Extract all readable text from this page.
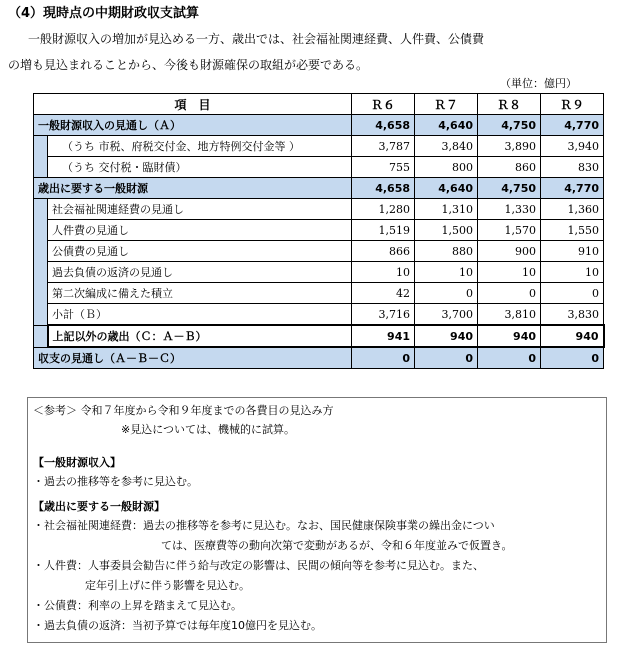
（4）現時点の中期財政収支試算
一般財源収入の増加が見込める一方、歳出では、社会福祉関連経費、人件費、公債費
の増も見込まれることから、今後も財源確保の取組が必要である。
（単位：億円）
項　目		Ｒ６	Ｒ７	Ｒ８	Ｒ９
一般財源収入の見通し（Ａ）		4,658	4,640	4,750	4,770
	（うち 市税、府税交付金、地方特例交付金等 ）	3,787	3,840	3,890	3,940
	（うち 交付税・臨財債）	755	800	860	830
歳出に要する一般財源		4,658	4,640	4,750	4,770
	社会福祉関連経費の見通し	1,280	1,310	1,330	1,360
	人件費の見通し	1,519	1,500	1,570	1,550
	公債費の見通し	866	880	900	910
	過去負債の返済の見通し	10	10	10	10
	第二次編成に備えた積立	42	0	0	0
	小計（Ｂ）	3,716	3,700	3,810	3,830
	上記以外の歳出（Ｃ：Ａ－Ｂ）	941	940	940	940
収支の見通し（Ａ－Ｂ－Ｃ）		0	0	0	0
＜参考＞ 令和７年度から令和９年度までの各費目の見込み方
※見込については、機械的に試算。
【一般財源収入】
・過去の推移等を参考に見込む。
【歳出に要する一般財源】
・社会福祉関連経費：過去の推移等を参考に見込む。なお、国民健康保険事業の繰出金につい
ては、医療費等の動向次第で変動があるが、令和６年度並みで仮置き。
・人件費：人事委員会勧告に伴う給与改定の影響は、民間の傾向等を参考に見込む。また、
定年引上げに伴う影響を見込む。
・公債費：利率の上昇を踏まえて見込む。
・過去負債の返済：当初予算では毎年度10億円を見込む。
